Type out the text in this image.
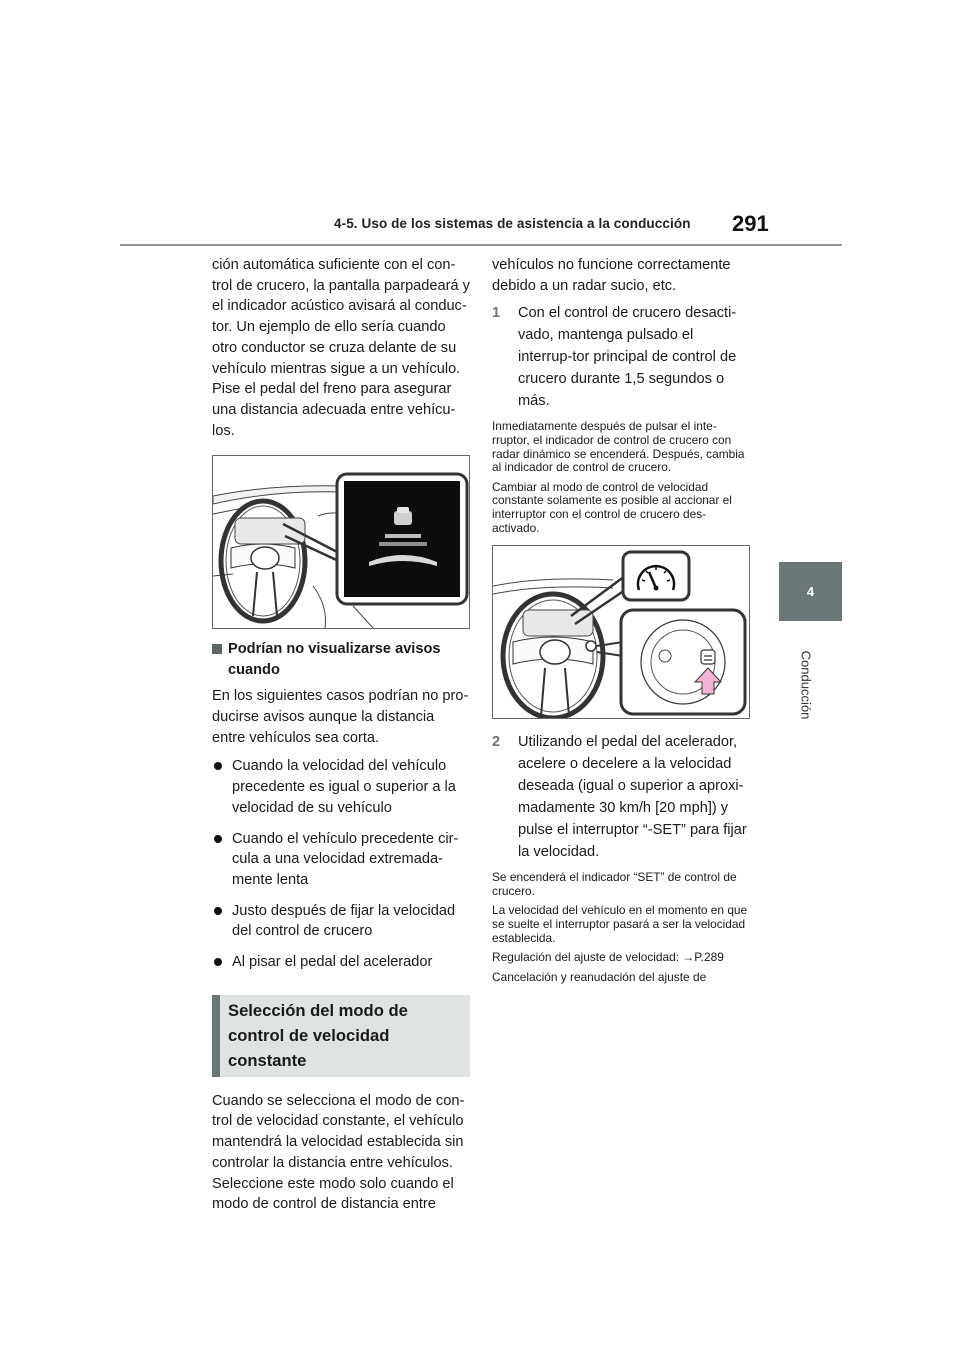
4-5. Uso de los sistemas de asistencia a la conducción 291
4
Conducción

ción automática suficiente con el con-trol de crucero, la pantalla parpadeará y el indicador acústico avisará al conduc-tor. Un ejemplo de ello sería cuando otro conductor se cruza delante de su vehículo mientras sigue a un vehículo. Pise el pedal del freno para asegurar una distancia adecuada entre vehícu-los.

Podrían no visualizarse avisos cuando

En los siguientes casos podrían no pro-ducirse avisos aunque la distancia entre vehículos sea corta.

Cuando la velocidad del vehículo precedente es igual o superior a la velocidad de su vehículo
Cuando el vehículo precedente cir-cula a una velocidad extremada-mente lenta
Justo después de fijar la velocidad del control de crucero
Al pisar el pedal del acelerador

Selección del modo de control de velocidad constante

Cuando se selecciona el modo de con-trol de velocidad constante, el vehículo mantendrá la velocidad establecida sin controlar la distancia entre vehículos. Seleccione este modo solo cuando el modo de control de distancia entre

vehículos no funcione correctamente debido a un radar sucio, etc.

1 Con el control de crucero desacti-vado, mantenga pulsado el interrup-tor principal de control de crucero durante 1,5 segundos o más.

Inmediatamente después de pulsar el inte-rruptor, el indicador de control de crucero con radar dinámico se encenderá. Después, cambia al indicador de control de crucero.

Cambiar al modo de control de velocidad constante solamente es posible al accionar el interruptor con el control de crucero des-activado.

2 Utilizando el pedal del acelerador, acelere o decelere a la velocidad deseada (igual o superior a aproxi-madamente 30 km/h [20 mph]) y pulse el interruptor “-SET” para fijar la velocidad.

Se encenderá el indicador “SET” de control de crucero.

La velocidad del vehículo en el momento en que se suelte el interruptor pasará a ser la velocidad establecida.

Regulación del ajuste de velocidad: →P.289

Cancelación y reanudación del ajuste de
